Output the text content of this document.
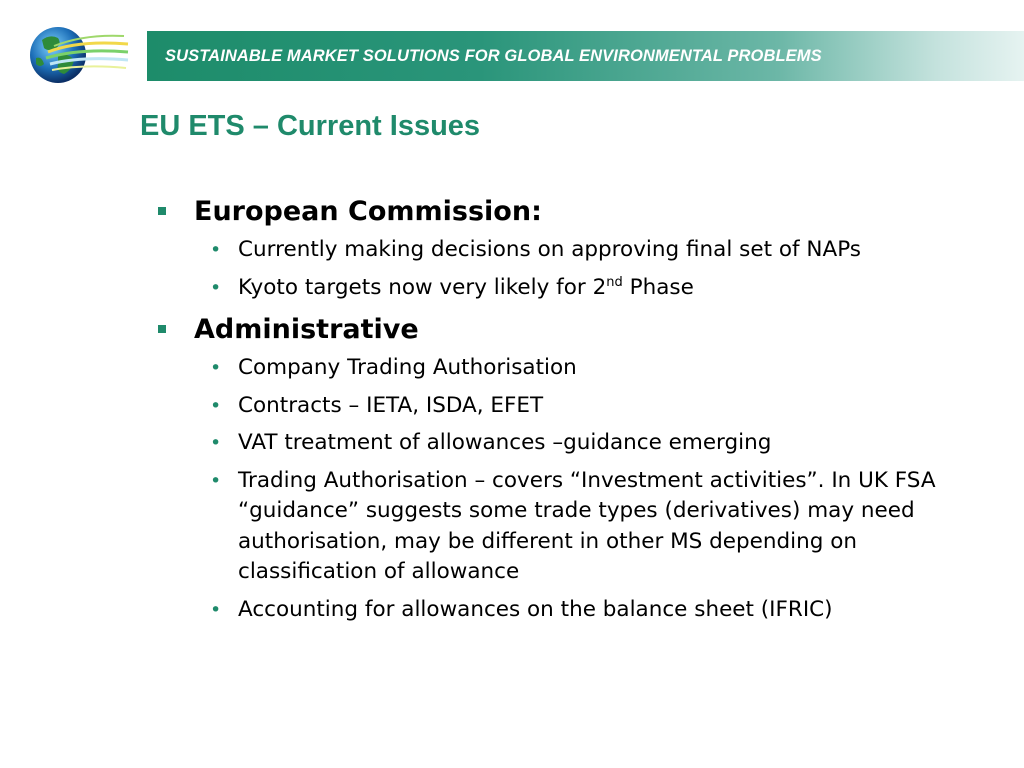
SUSTAINABLE MARKET SOLUTIONS FOR GLOBAL ENVIRONMENTAL PROBLEMS
EU ETS – Current Issues
European Commission:
• Currently making decisions on approving final set of NAPs
• Kyoto targets now very likely for 2nd Phase
Administrative
• Company Trading Authorisation
• Contracts – IETA, ISDA, EFET
• VAT treatment of allowances –guidance emerging
• Trading Authorisation – covers “Investment activities”. In UK FSA “guidance” suggests some trade types (derivatives) may need authorisation, may be different in other MS depending on classification of allowance
• Accounting for allowances on the balance sheet (IFRIC)
